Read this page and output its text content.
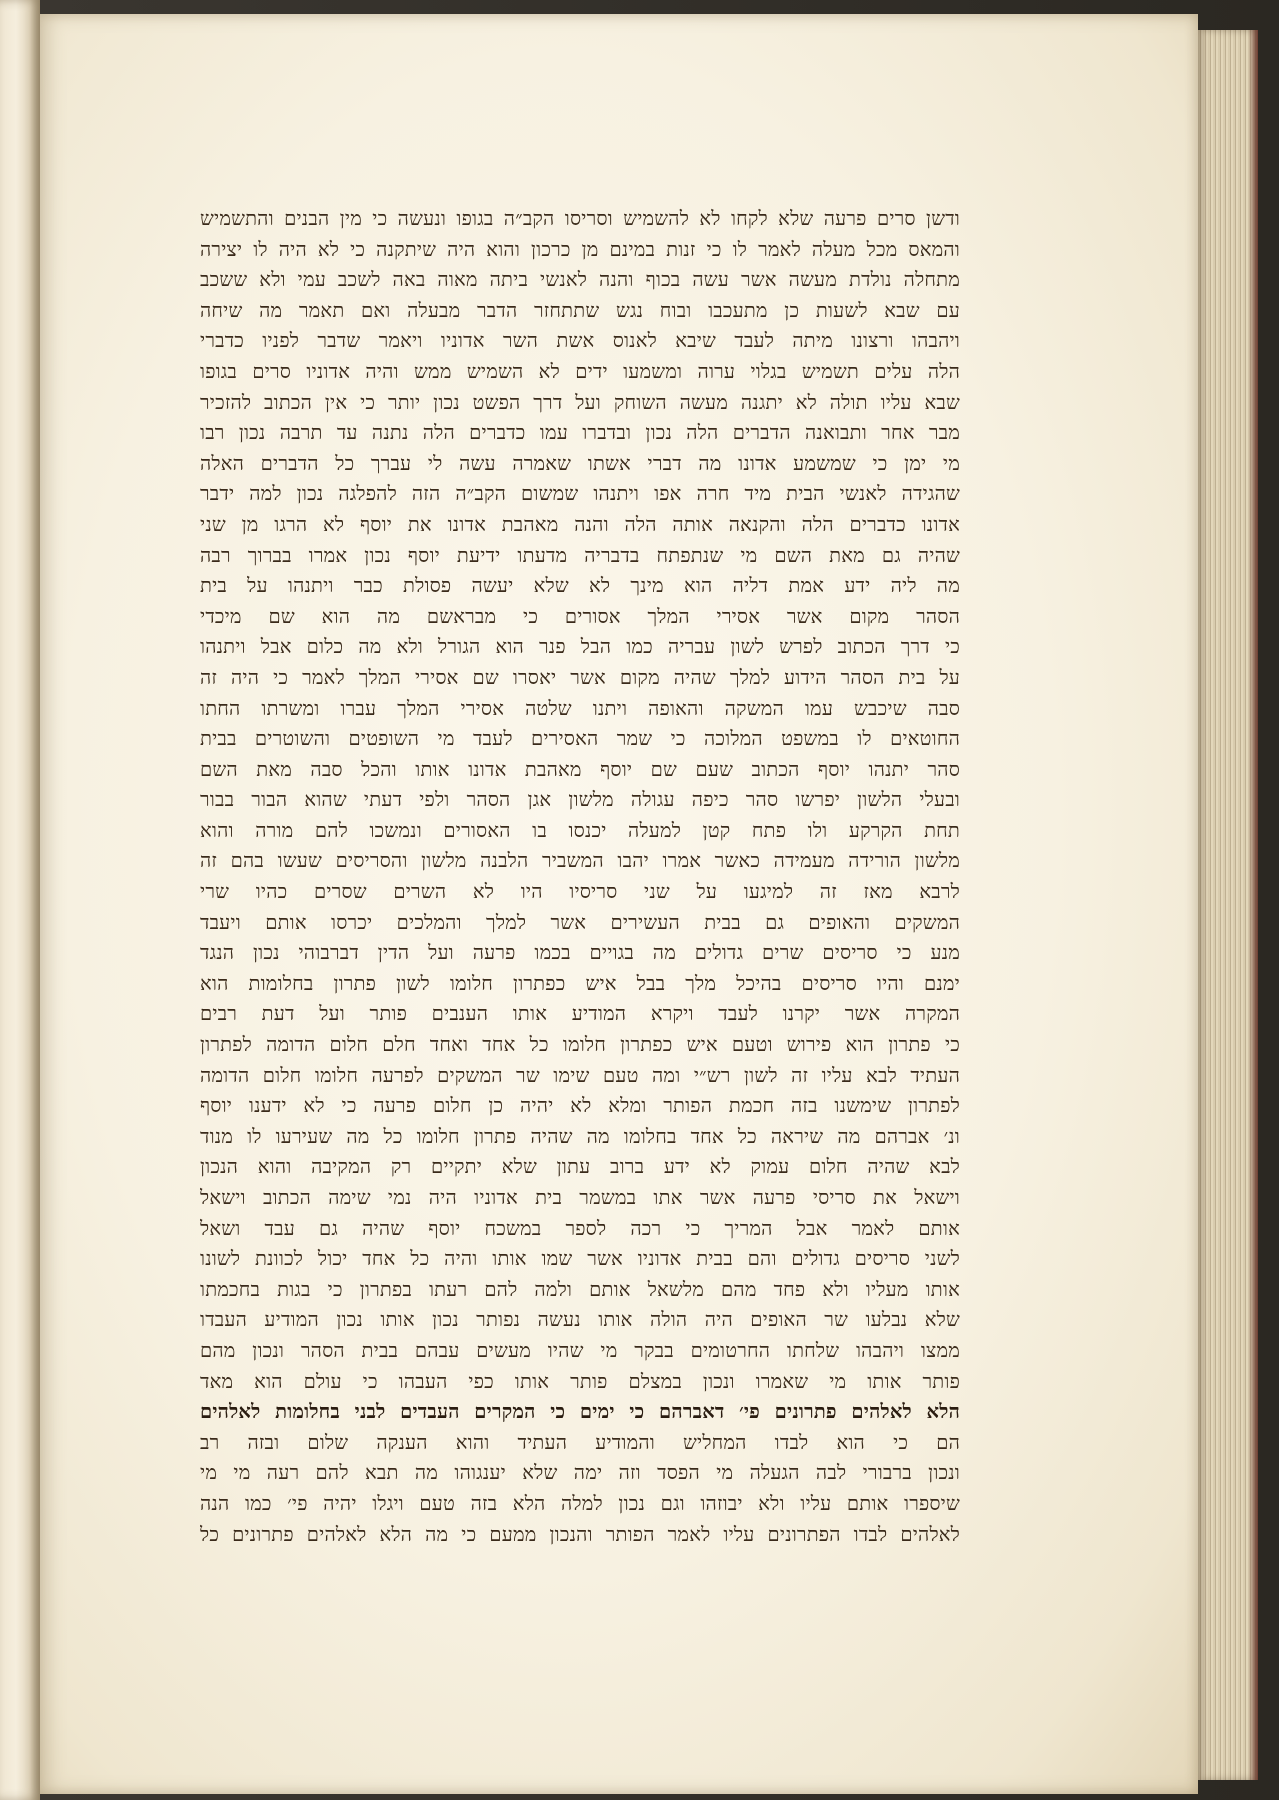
ודשן סרים פרעה שלא לקחו לא להשמיש וסריסו הקב״ה בגופו ונעשה כי מין הבנים והתשמיש
והמאס מכל מעלה לאמר לו כי זנות במינם מן כרכון והוא היה שיתקנה כי לא היה לו יצירה
מתחלה נולדת מעשה אשר עשה בכוף והנה לאנשי ביתה מאוה באה לשכב עמי ולא ששכב
עם שבא לשעות כן מתעכבו ובוח נגש שתתחזר הדבר מבעלה ואם תאמר מה שיחה
ויהבהו ורצונו מיתה לעבד שיבא לאנוס אשת השר אדוניו ויאמר שדבר לפניו כדברי
הלה עלים תשמיש בגלוי ערוה ומשמעו ידים לא השמיש ממש והיה אדוניו סרים בגופו
שבא עליו תולה לא יתגנה מעשה השוחק ועל דרך הפשט נכון יותר כי אין הכתוב להזכיר
מבר אחר ותבואנה הדברים הלה נכון ובדברו עמו כדברים הלה נתנה עד תרבה נכון רבו
מי ימן כי שמשמע אדונו מה דברי אשתו שאמרה עשה לי עברך כל הדברים האלה
שהגידה לאנשי הבית מיד חרה אפו ויתנהו שמשום הקב״ה הזה להפלגה נכון למה ידבר
אדונו כדברים הלה והקנאה אותה הלה והנה מאהבת אדונו את יוסף לא הרגו מן שני
שהיה גם מאת השם מי שנתפתח בדבריה מדעתו ידיעת יוסף נכון אמרו בברוך רבה
מה ליה ידע אמת דליה הוא מינך לא שלא יעשה פסולת כבר ויתנהו על בית
הסהר מקום אשר אסירי המלך אסורים כי מבראשם מה הוא שם מיכדי
כי דרך הכתוב לפרש לשון עבריה כמו הבל פנר הוא הגורל ולא מה כלום אבל ויתנהו
על בית הסהר הידוע למלך שהיה מקום אשר יאסרו שם אסירי המלך לאמר כי היה זה
סבה שיכבש עמו המשקה והאופה ויתנו שלטה אסירי המלך עברו ומשרתו החתו
החוטאים לו במשפט המלוכה כי שמר האסירים לעבד מי השופטים והשוטרים בבית
סהר יתנהו יוסף הכתוב שעם שם יוסף מאהבת אדונו אותו והכל סבה מאת השם
ובעלי הלשון יפרשו סהר כיפה עגולה מלשון אגן הסהר ולפי דעתי שהוא הבור בבור
תחת הקרקע ולו פתח קטן למעלה יכנסו בו האסורים ונמשכו להם מורה והוא
מלשון הורידה מעמידה כאשר אמרו יהבו המשביר הלבנה מלשון והסריסים שעשו בהם זה
לרבא מאז זה למיגעו על שני סריסיו היו לא השרים שסרים כהיו שרי
המשקים והאופים גם בבית העשירים אשר למלך והמלכים יכרסו אותם ויעבד
מנע כי סריסים שרים גדולים מה בגויים בכמו פרעה ועל הדין דברבוהי נכון הנגד
ימנם והיו סריסים בהיכל מלך בבל איש כפתרון חלומו לשון פתרון בחלומות הוא
המקרה אשר יקרנו לעבד ויקרא המודיע אותו הענבים פותר ועל דעת רבים
כי פתרון הוא פירוש וטעם איש כפתרון חלומו כל אחד ואחד חלם חלום הדומה לפתרון
העתיד לבא עליו זה לשון רש״י ומה טעם שימו שר המשקים לפרעה חלומו חלום הדומה
לפתרון שימשנו בזה חכמת הפותר ומלא לא יהיה כן חלום פרעה כי לא ידענו יוסף
ונ׳ אברהם מה שיראה כל אחד בחלומו מה שהיה פתרון חלומו כל מה שעירעו לו מנוד
לבא שהיה חלום עמוק לא ידע ברוב עתון שלא יתקיים רק המקיבה והוא הנכון
וישאל את סריסי פרעה אשר אתו במשמר בית אדוניו היה נמי שימה הכתוב וישאל
אותם לאמר אבל המריך כי רכה לספר במשכח יוסף שהיה גם עבד ושאל
לשני סריסים גדולים והם בבית אדוניו אשר שמו אותו והיה כל אחד יכול לכוונת לשונו
אותו מעליו ולא פחד מהם מלשאל אותם ולמה להם רעתו בפתרון כי בגות בחכמתו
שלא נבלעו שר האופים היה הולה אותו נעשה נפותר נכון אותו נכון המודיע העבדו
ממצו ויהבהו שלחתו החרטומים בבקר מי שהיו מעשים עבהם בבית הסהר ונכון מהם
פותר אותו מי שאמרו ונכון במצלם פותר אותו כפי העבהו כי עולם הוא מאד
הלא לאלהים פתרונים פי׳ דאברהם כי ימים כי המקרים העבדים לבני בחלומות לאלהים
הם כי הוא לבדו המחליש והמודיע העתיד והוא הענקה שלום ובזה רב
ונכון ברבורי לבה הגעלה מי הפסד וזה ימה שלא יענגוהו מה תבא להם רעה מי מי
שיספרו אותם עליו ולא יבוזהו וגם נכון למלה הלא בזה טעם ויגלו יהיה פי׳ כמו הנה
לאלהים לבדו הפתרונים עליו לאמר הפותר והנכון ממעם כי מה הלא לאלהים פתרונים כל
